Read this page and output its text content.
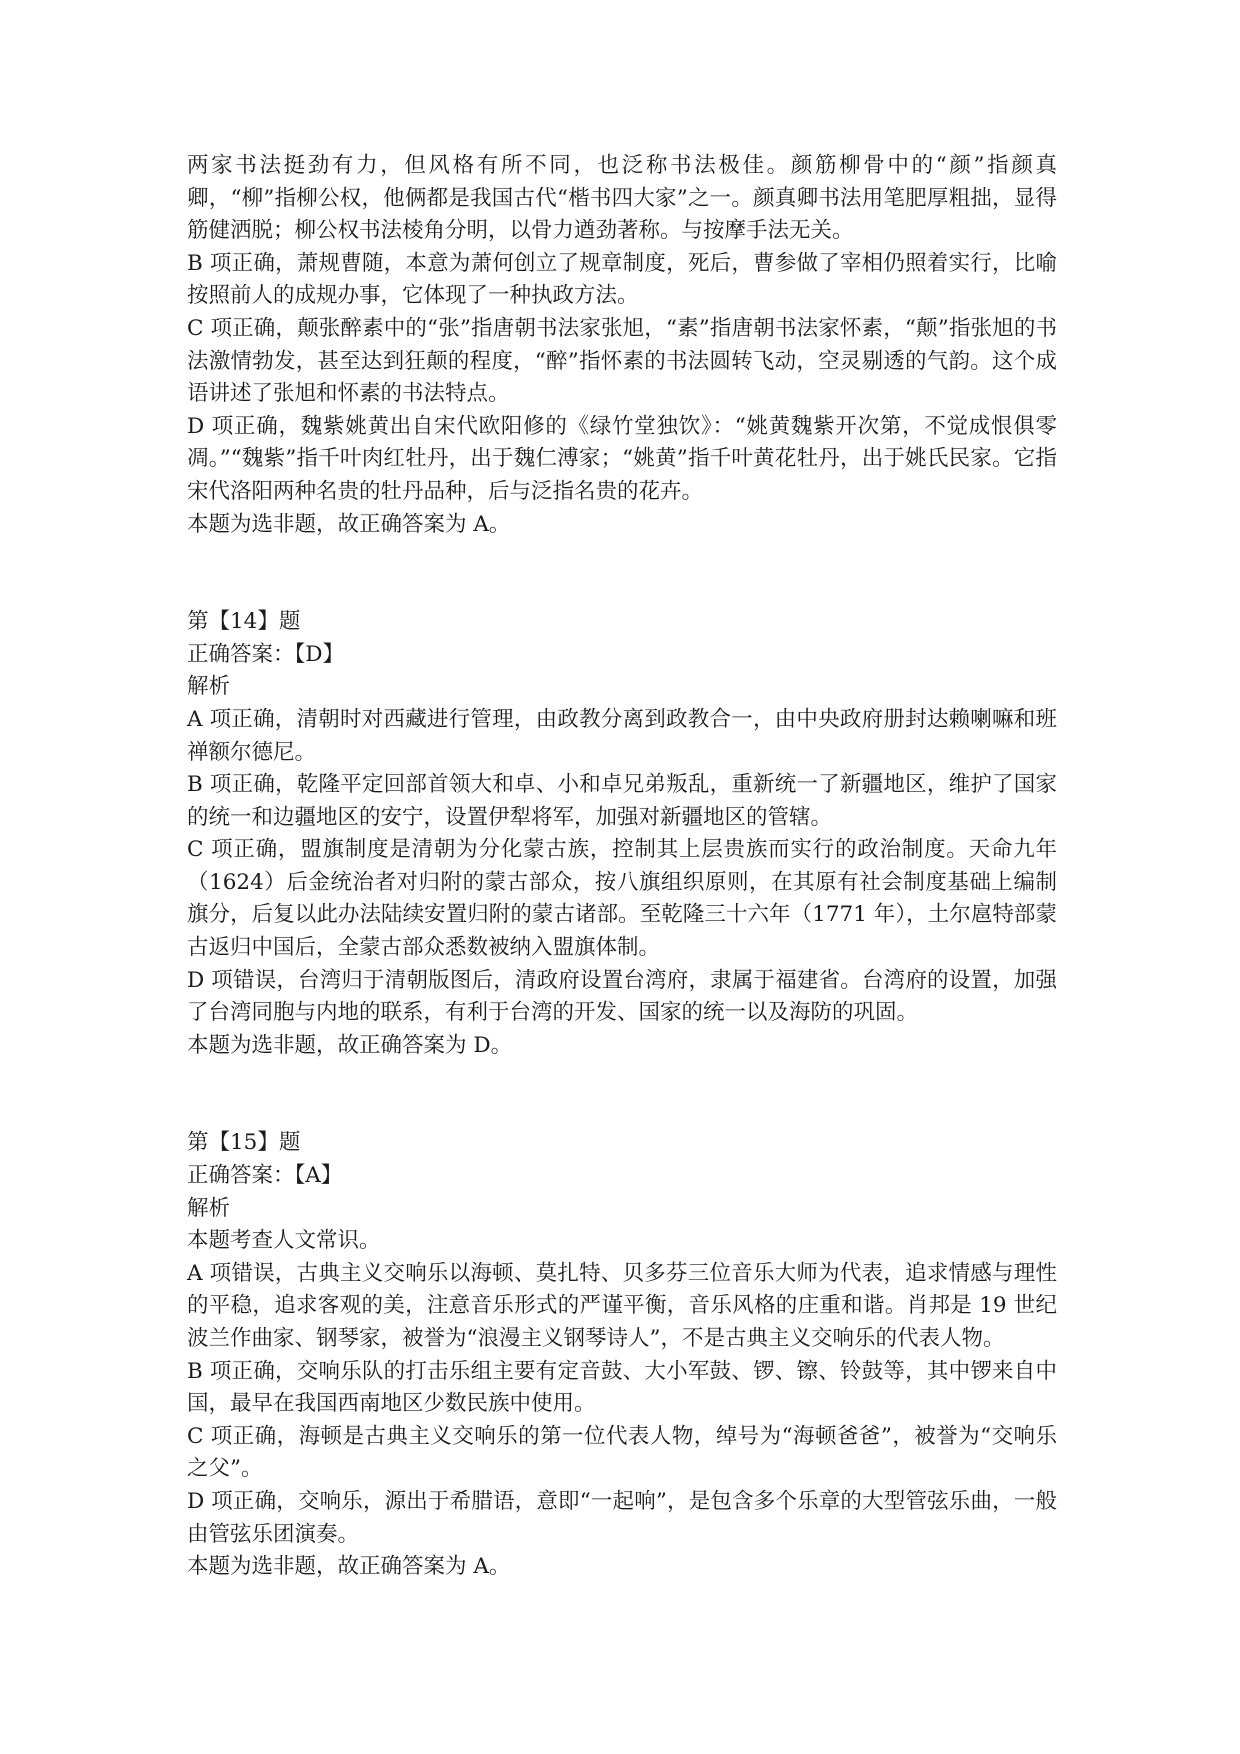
两家书法挺劲有力，但风格有所不同，也泛称书法极佳。颜筋柳骨中的“颜”指颜真卿，“柳”指柳公权，他俩都是我国古代“楷书四大家”之一。颜真卿书法用笔肥厚粗拙，显得筋健洒脱；柳公权书法棱角分明，以骨力遒劲著称。与按摩手法无关。

B 项正确，萧规曹随，本意为萧何创立了规章制度，死后，曹参做了宰相仍照着实行，比喻按照前人的成规办事，它体现了一种执政方法。

C 项正确，颠张醉素中的“张”指唐朝书法家张旭，“素”指唐朝书法家怀素，“颠”指张旭的书法激情勃发，甚至达到狂颠的程度，“醉”指怀素的书法圆转飞动，空灵剔透的气韵。这个成语讲述了张旭和怀素的书法特点。

D 项正确，魏紫姚黄出自宋代欧阳修的《绿竹堂独饮》：“姚黄魏紫开次第，不觉成恨俱零凋。”“魏紫”指千叶肉红牡丹，出于魏仁溥家；“姚黄”指千叶黄花牡丹，出于姚氏民家。它指宋代洛阳两种名贵的牡丹品种，后与泛指名贵的花卉。

本题为选非题，故正确答案为 A。

第【14】题

正确答案：【D】

解析

A 项正确，清朝时对西藏进行管理，由政教分离到政教合一，由中央政府册封达赖喇嘛和班禅额尔德尼。

B 项正确，乾隆平定回部首领大和卓、小和卓兄弟叛乱，重新统一了新疆地区，维护了国家的统一和边疆地区的安宁，设置伊犁将军，加强对新疆地区的管辖。

C 项正确，盟旗制度是清朝为分化蒙古族，控制其上层贵族而实行的政治制度。天命九年（1624）后金统治者对归附的蒙古部众，按八旗组织原则，在其原有社会制度基础上编制旗分，后复以此办法陆续安置归附的蒙古诸部。至乾隆三十六年（1771 年），土尔扈特部蒙古返归中国后，全蒙古部众悉数被纳入盟旗体制。

D 项错误，台湾归于清朝版图后，清政府设置台湾府，隶属于福建省。台湾府的设置，加强了台湾同胞与内地的联系，有利于台湾的开发、国家的统一以及海防的巩固。

本题为选非题，故正确答案为 D。

第【15】题

正确答案：【A】

解析

本题考查人文常识。

A 项错误，古典主义交响乐以海顿、莫扎特、贝多芬三位音乐大师为代表，追求情感与理性的平稳，追求客观的美，注意音乐形式的严谨平衡，音乐风格的庄重和谐。肖邦是 19 世纪波兰作曲家、钢琴家，被誉为“浪漫主义钢琴诗人”，不是古典主义交响乐的代表人物。

B 项正确，交响乐队的打击乐组主要有定音鼓、大小军鼓、锣、镲、铃鼓等，其中锣来自中国，最早在我国西南地区少数民族中使用。

C 项正确，海顿是古典主义交响乐的第一位代表人物，绰号为“海顿爸爸”，被誉为“交响乐之父”。

D 项正确，交响乐，源出于希腊语，意即“一起响”，是包含多个乐章的大型管弦乐曲，一般由管弦乐团演奏。

本题为选非题，故正确答案为 A。
